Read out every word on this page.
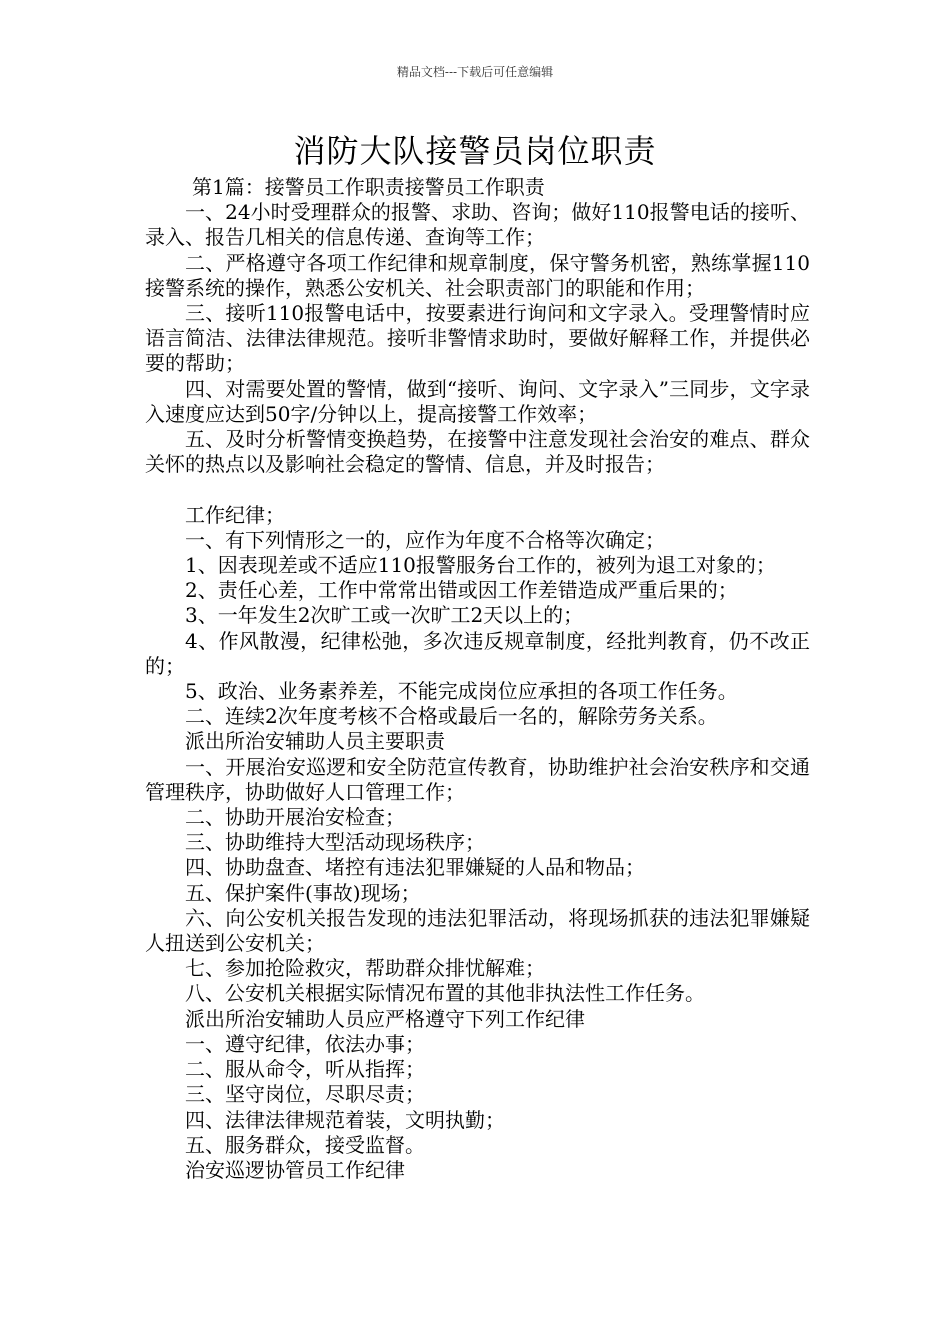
精品文档---下载后可任意编辑
消防大队接警员岗位职责

第1篇：接警员工作职责接警员工作职责

一、24小时受理群众的报警、求助、咨询；做好110报警电话的接听、录入、报告几相关的信息传递、查询等工作；

二、严格遵守各项工作纪律和规章制度，保守警务机密，熟练掌握110接警系统的操作，熟悉公安机关、社会职责部门的职能和作用；

三、接听110报警电话中，按要素进行询问和文字录入。受理警情时应语言简洁、法律法律规范。接听非警情求助时，要做好解释工作，并提供必要的帮助；

四、对需要处置的警情，做到“接听、询问、文字录入”三同步，文字录入速度应达到50字/分钟以上，提高接警工作效率；

五、及时分析警情变换趋势，在接警中注意发现社会治安的难点、群众关怀的热点以及影响社会稳定的警情、信息，并及时报告；

工作纪律；

一、有下列情形之一的，应作为年度不合格等次确定；

1、因表现差或不适应110报警服务台工作的，被列为退工对象的；

2、责任心差，工作中常常出错或因工作差错造成严重后果的；

3、一年发生2次旷工或一次旷工2天以上的；

4、作风散漫，纪律松弛，多次违反规章制度，经批判教育，仍不改正的；

5、政治、业务素养差，不能完成岗位应承担的各项工作任务。

二、连续2次年度考核不合格或最后一名的，解除劳务关系。

派出所治安辅助人员主要职责

一、开展治安巡逻和安全防范宣传教育，协助维护社会治安秩序和交通管理秩序，协助做好人口管理工作；

二、协助开展治安检查；

三、协助维持大型活动现场秩序；

四、协助盘查、堵控有违法犯罪嫌疑的人品和物品；

五、保护案件(事故)现场；

六、向公安机关报告发现的违法犯罪活动，将现场抓获的违法犯罪嫌疑人扭送到公安机关；

七、参加抢险救灾，帮助群众排忧解难；

八、公安机关根据实际情况布置的其他非执法性工作任务。

派出所治安辅助人员应严格遵守下列工作纪律

一、遵守纪律，依法办事；

二、服从命令，听从指挥；

三、坚守岗位，尽职尽责；

四、法律法律规范着装，文明执勤；

五、服务群众，接受监督。

治安巡逻协管员工作纪律
